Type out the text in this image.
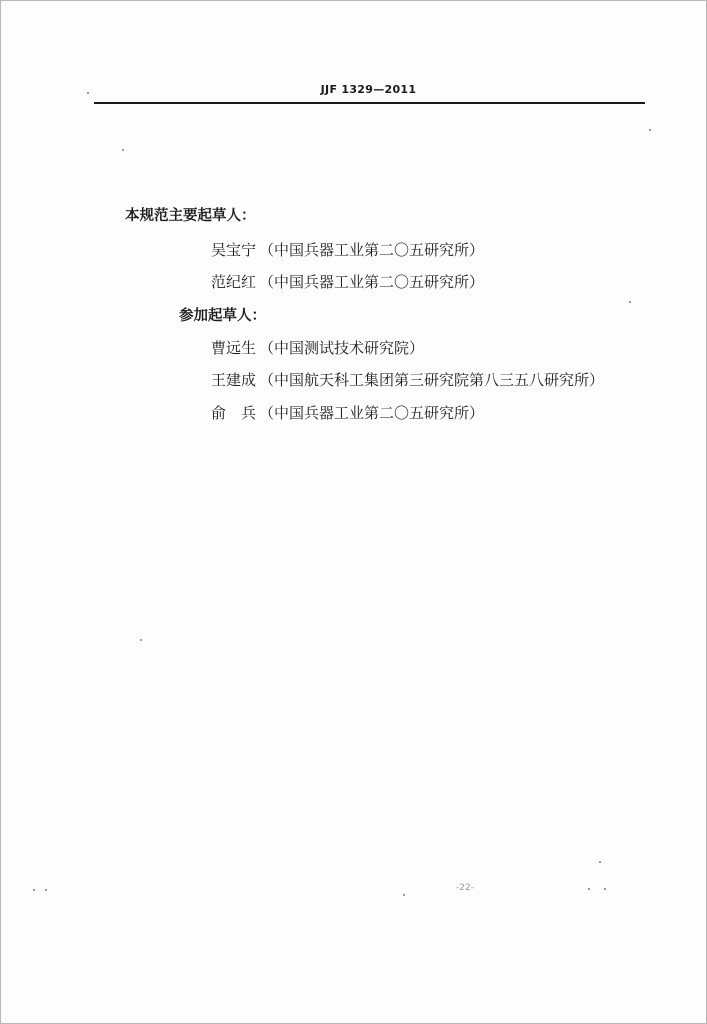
JJF 1329—2011
本规范主要起草人：
吴宝宁 （中国兵器工业第二〇五研究所）
范纪红 （中国兵器工业第二〇五研究所）
参加起草人：
曹远生 （中国测试技术研究院）
王建成 （中国航天科工集团第三研究院第八三五八研究所）
俞　兵 （中国兵器工业第二〇五研究所）
-22-
